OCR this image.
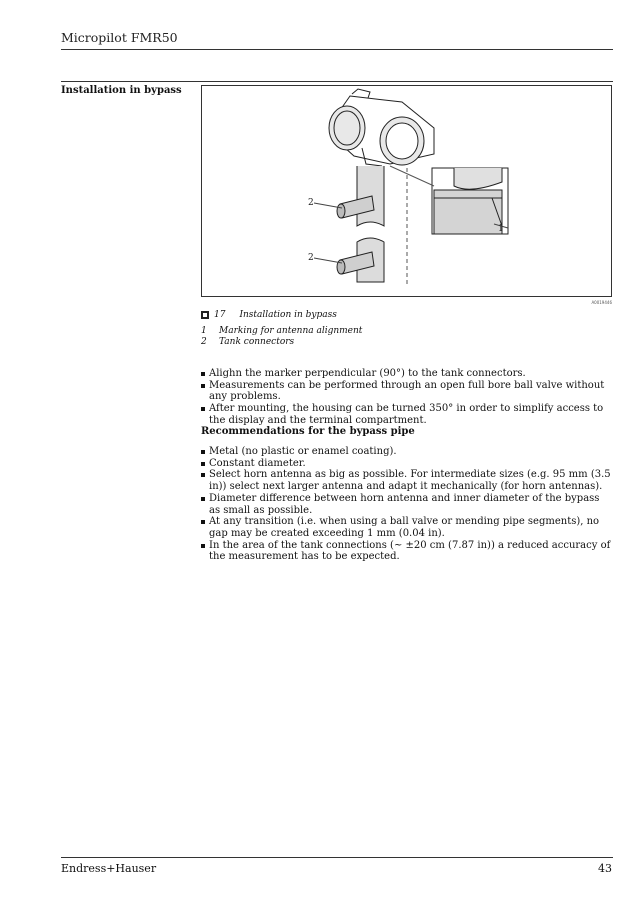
Micropilot FMR50
Installation in bypass
2
2
1
A0019446
17 Installation in bypass
1	Marking for antenna alignment
2	Tank connectors
Alighn the marker perpendicular (90°) to the tank connectors.
Measurements can be performed through an open full bore ball valve without any problems.
After mounting, the housing can be turned 350° in order to simplify access to the display and the terminal compartment.
Recommendations for the bypass pipe
Metal (no plastic or enamel coating).
Constant diameter.
Select horn antenna as big as possible. For intermediate sizes (e.g. 95 mm (3.5 in)) select next larger antenna and adapt it mechanically (for horn antennas).
Diameter difference between horn antenna and inner diameter of the bypass as small as possible.
At any transition (i.e. when using a ball valve or mending pipe segments), no gap may be created exceeding 1 mm (0.04 in).
In the area of the tank connections (~ ±20 cm (7.87 in)) a reduced accuracy of the measurement has to be expected.
Endress+Hauser	43
